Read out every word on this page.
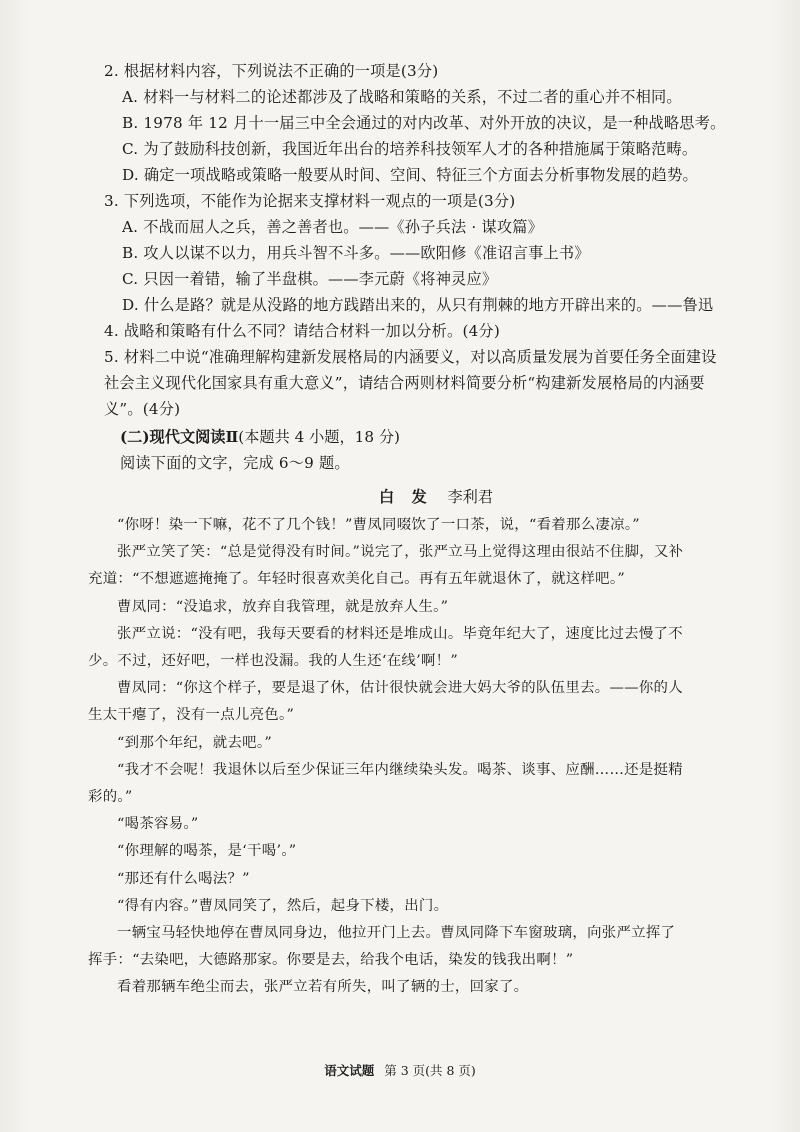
2. 根据材料内容，下列说法不正确的一项是(3分)
A. 材料一与材料二的论述都涉及了战略和策略的关系，不过二者的重心并不相同。
B. 1978 年 12 月十一届三中全会通过的对内改革、对外开放的决议，是一种战略思考。
C. 为了鼓励科技创新，我国近年出台的培养科技领军人才的各种措施属于策略范畴。
D. 确定一项战略或策略一般要从时间、空间、特征三个方面去分析事物发展的趋势。
3. 下列选项，不能作为论据来支撑材料一观点的一项是(3分)
A. 不战而屈人之兵，善之善者也。——《孙子兵法 · 谋攻篇》
B. 攻人以谋不以力，用兵斗智不斗多。——欧阳修《准诏言事上书》
C. 只因一着错，输了半盘棋。——李元蔚《将神灵应》
D. 什么是路？就是从没路的地方践踏出来的，从只有荆棘的地方开辟出来的。——鲁迅
4. 战略和策略有什么不同？请结合材料一加以分析。(4分)
5. 材料二中说“准确理解构建新发展格局的内涵要义，对以高质量发展为首要任务全面建设
社会主义现代化国家具有重大意义”，请结合两则材料简要分析“构建新发展格局的内涵要
义”。(4分)
(二)现代文阅读Ⅱ(本题共 4 小题，18 分)
阅读下面的文字，完成 6～9 题。
白 发 李利君
“你呀！染一下嘛，花不了几个钱！”曹凤同啜饮了一口茶，说，“看着那么凄凉。”
张严立笑了笑：“总是觉得没有时间。”说完了，张严立马上觉得这理由很站不住脚，又补
充道：“不想遮遮掩掩了。年轻时很喜欢美化自己。再有五年就退休了，就这样吧。”
曹凤同：“没追求，放弃自我管理，就是放弃人生。”
张严立说：“没有吧，我每天要看的材料还是堆成山。毕竟年纪大了，速度比过去慢了不
少。不过，还好吧，一样也没漏。我的人生还‘在线’啊！”
曹凤同：“你这个样子，要是退了休，估计很快就会进大妈大爷的队伍里去。——你的人
生太干瘪了，没有一点儿亮色。”
“到那个年纪，就去吧。”
“我才不会呢！我退休以后至少保证三年内继续染头发。喝茶、谈事、应酬……还是挺精
彩的。”
“喝茶容易。”
“你理解的喝茶，是‘干喝’。”
“那还有什么喝法？”
“得有内容。”曹凤同笑了，然后，起身下楼，出门。
一辆宝马轻快地停在曹凤同身边，他拉开门上去。曹凤同降下车窗玻璃，向张严立挥了
挥手：“去染吧，大德路那家。你要是去，给我个电话，染发的钱我出啊！”
看着那辆车绝尘而去，张严立若有所失，叫了辆的士，回家了。
语文试题 第 3 页(共 8 页)
